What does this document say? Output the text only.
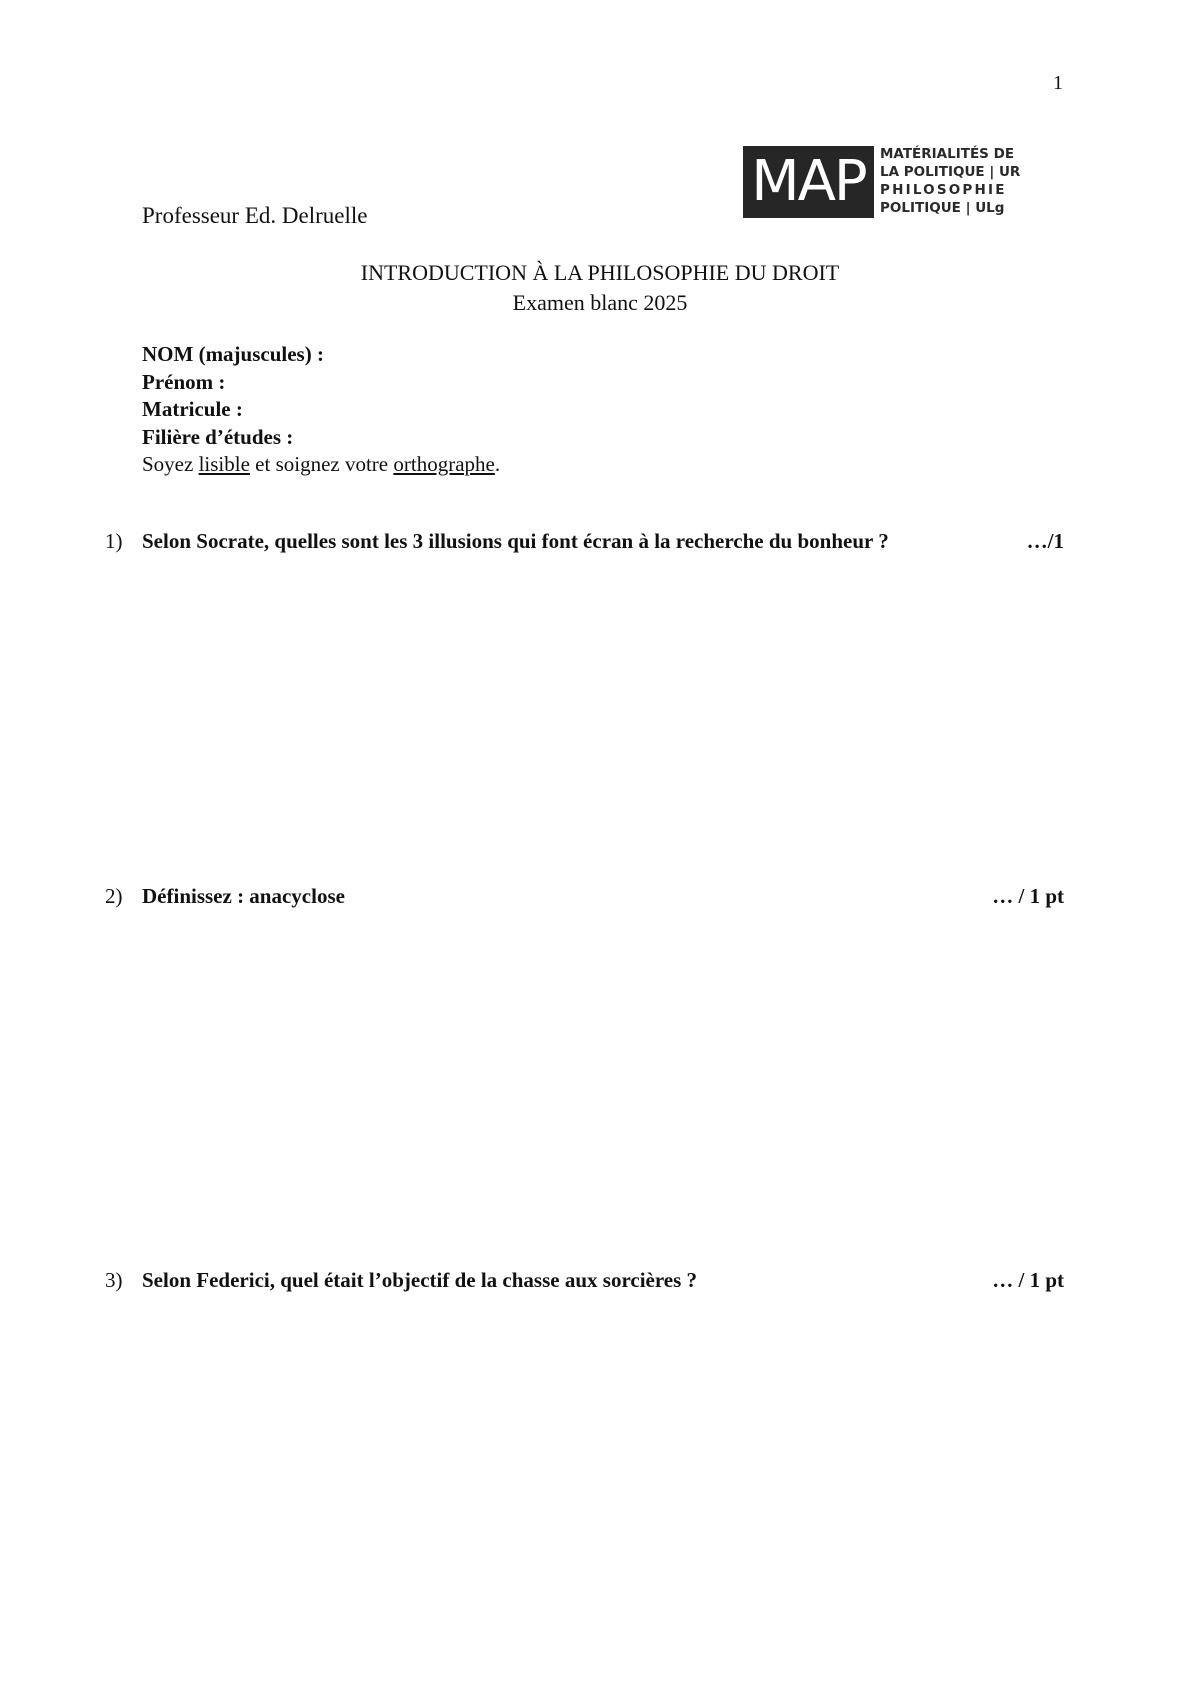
1
MAP MATÉRIALITÉS DE
LA POLITIQUE | UR
PHILOSOPHIE
POLITIQUE | ULg
Professeur Ed. Delruelle
INTRODUCTION À LA PHILOSOPHIE DU DROIT
Examen blanc 2025
NOM (majuscules) :
Prénom :
Matricule :
Filière d’études :
Soyez lisible et soignez votre orthographe.
1) Selon Socrate, quelles sont les 3 illusions qui font écran à la recherche du bonheur ?	…/1
2) Définissez : anacyclose	… / 1 pt
3) Selon Federici, quel était l’objectif de la chasse aux sorcières ?	… / 1 pt
